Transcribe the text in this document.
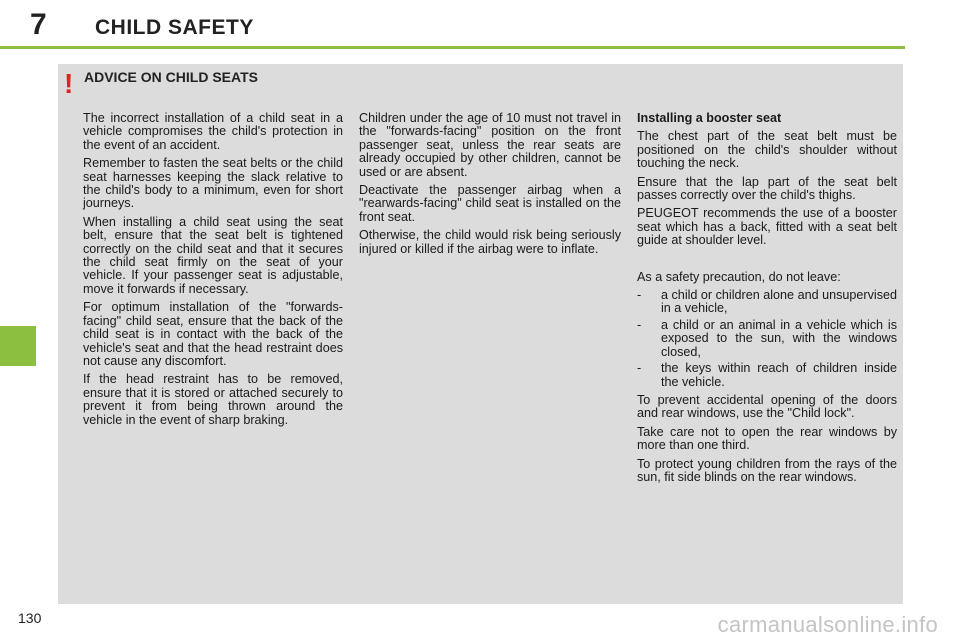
7 CHILD SAFETY
! ADVICE ON CHILD SEATS

The incorrect installation of a child seat in a vehicle compromises the child's protection in the event of an accident.

Remember to fasten the seat belts or the child seat harnesses keeping the slack relative to the child's body to a minimum, even for short journeys.

When installing a child seat using the seat belt, ensure that the seat belt is tightened correctly on the child seat and that it secures the child seat firmly on the seat of your vehicle. If your passenger seat is adjustable, move it forwards if necessary.

For optimum installation of the "forwards-facing" child seat, ensure that the back of the child seat is in contact with the back of the vehicle's seat and that the head restraint does not cause any discomfort.

If the head restraint has to be removed, ensure that it is stored or attached securely to prevent it from being thrown around the vehicle in the event of sharp braking.

Children under the age of 10 must not travel in the "forwards-facing" position on the front passenger seat, unless the rear seats are already occupied by other children, cannot be used or are absent.

Deactivate the passenger airbag when a "rearwards-facing" child seat is installed on the front seat.

Otherwise, the child would risk being seriously injured or killed if the airbag were to inflate.

Installing a booster seat

The chest part of the seat belt must be positioned on the child's shoulder without touching the neck.

Ensure that the lap part of the seat belt passes correctly over the child's thighs.

PEUGEOT recommends the use of a booster seat which has a back, fitted with a seat belt guide at shoulder level.

As a safety precaution, do not leave:

- a child or children alone and unsupervised in a vehicle,
- a child or an animal in a vehicle which is exposed to the sun, with the windows closed,
- the keys within reach of children inside the vehicle.

To prevent accidental opening of the doors and rear windows, use the "Child lock".

Take care not to open the rear windows by more than one third.

To protect young children from the rays of the sun, fit side blinds on the rear windows.

130	carmanualsonline.info
